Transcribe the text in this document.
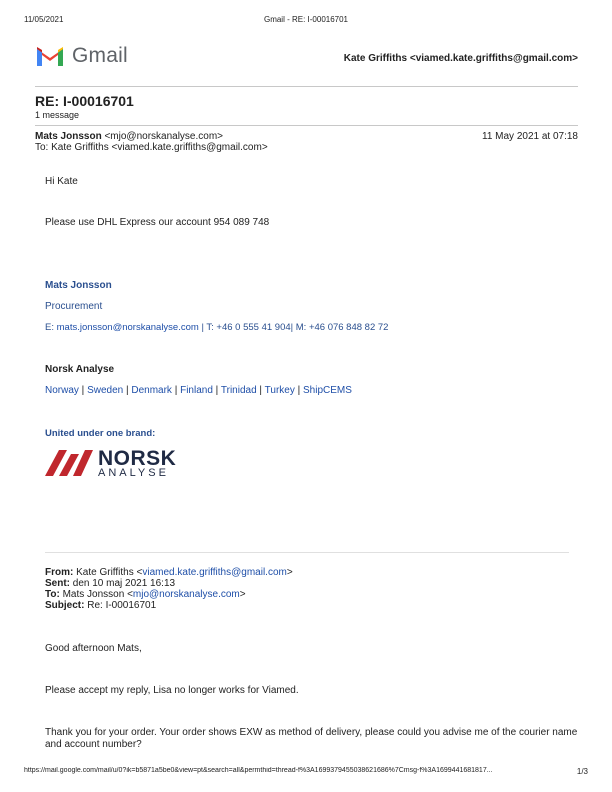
11/05/2021	Gmail - RE: I-00016701
Gmail	Kate Griffiths <viamed.kate.griffiths@gmail.com>
RE: I-00016701
1 message
Mats Jonsson <mjo@norskanalyse.com>	11 May 2021 at 07:18
To: Kate Griffiths <viamed.kate.griffiths@gmail.com>
Hi Kate
Please use DHL Express our account 954 089 748
Mats Jonsson
Procurement
E: mats.jonsson@norskanalyse.com | T: +46 0 555 41 904| M: +46 076 848 82 72
Norsk Analyse
Norway | Sweden | Denmark | Finland | Trinidad | Turkey | ShipCEMS
United under one brand:
NORSK
ANALYSE
From: Kate Griffiths <viamed.kate.griffiths@gmail.com>
Sent: den 10 maj 2021 16:13
To: Mats Jonsson <mjo@norskanalyse.com>
Subject: Re: I-00016701
Good afternoon Mats,
Please accept my reply, Lisa no longer works for Viamed.
Thank you for your order. Your order shows EXW as method of delivery, please could you advise me of the courier name
and account number?
https://mail.google.com/mail/u/0?ik=b5871a5be0&view=pt&search=all&permthid=thread-f%3A1699379455038621686%7Cmsg-f%3A1699441681817...	1/3
